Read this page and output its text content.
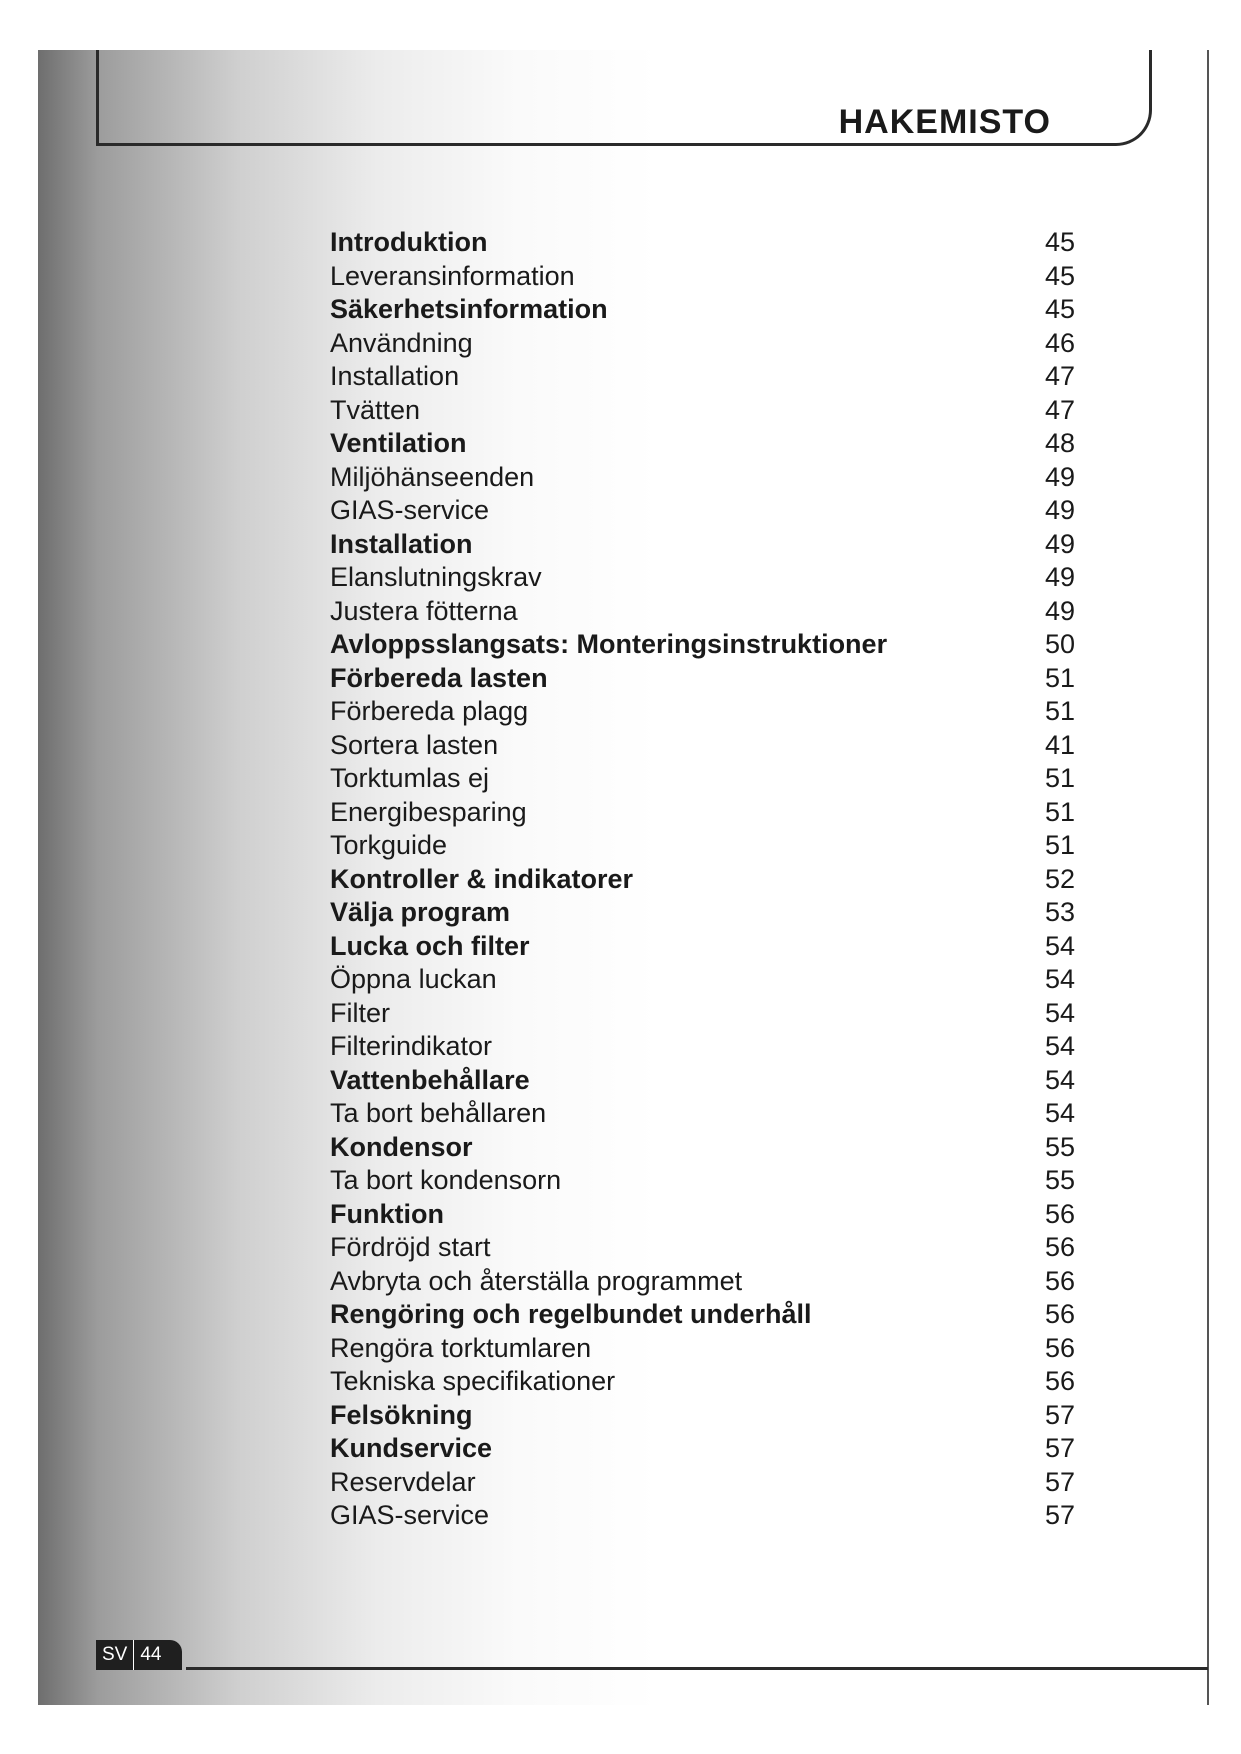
HAKEMISTO
Introduktion	45
Leveransinformation	45
Säkerhetsinformation	45
Användning	46
Installation	47
Tvätten	47
Ventilation	48
Miljöhänseenden	49
GIAS-service	49
Installation	49
Elanslutningskrav	49
Justera fötterna	49
Avloppsslangsats: Monteringsinstruktioner	50
Förbereda lasten	51
Förbereda plagg	51
Sortera lasten	41
Torktumlas ej	51
Energibesparing	51
Torkguide	51
Kontroller & indikatorer	52
Välja program	53
Lucka och filter	54
Öppna luckan	54
Filter	54
Filterindikator	54
Vattenbehållare	54
Ta bort behållaren	54
Kondensor	55
Ta bort kondensorn	55
Funktion	56
Fördröjd start	56
Avbryta och återställa programmet	56
Rengöring och regelbundet underhåll	56
Rengöra torktumlaren	56
Tekniska specifikationer	56
Felsökning	57
Kundservice	57
Reservdelar	57
GIAS-service	57
SV 44
